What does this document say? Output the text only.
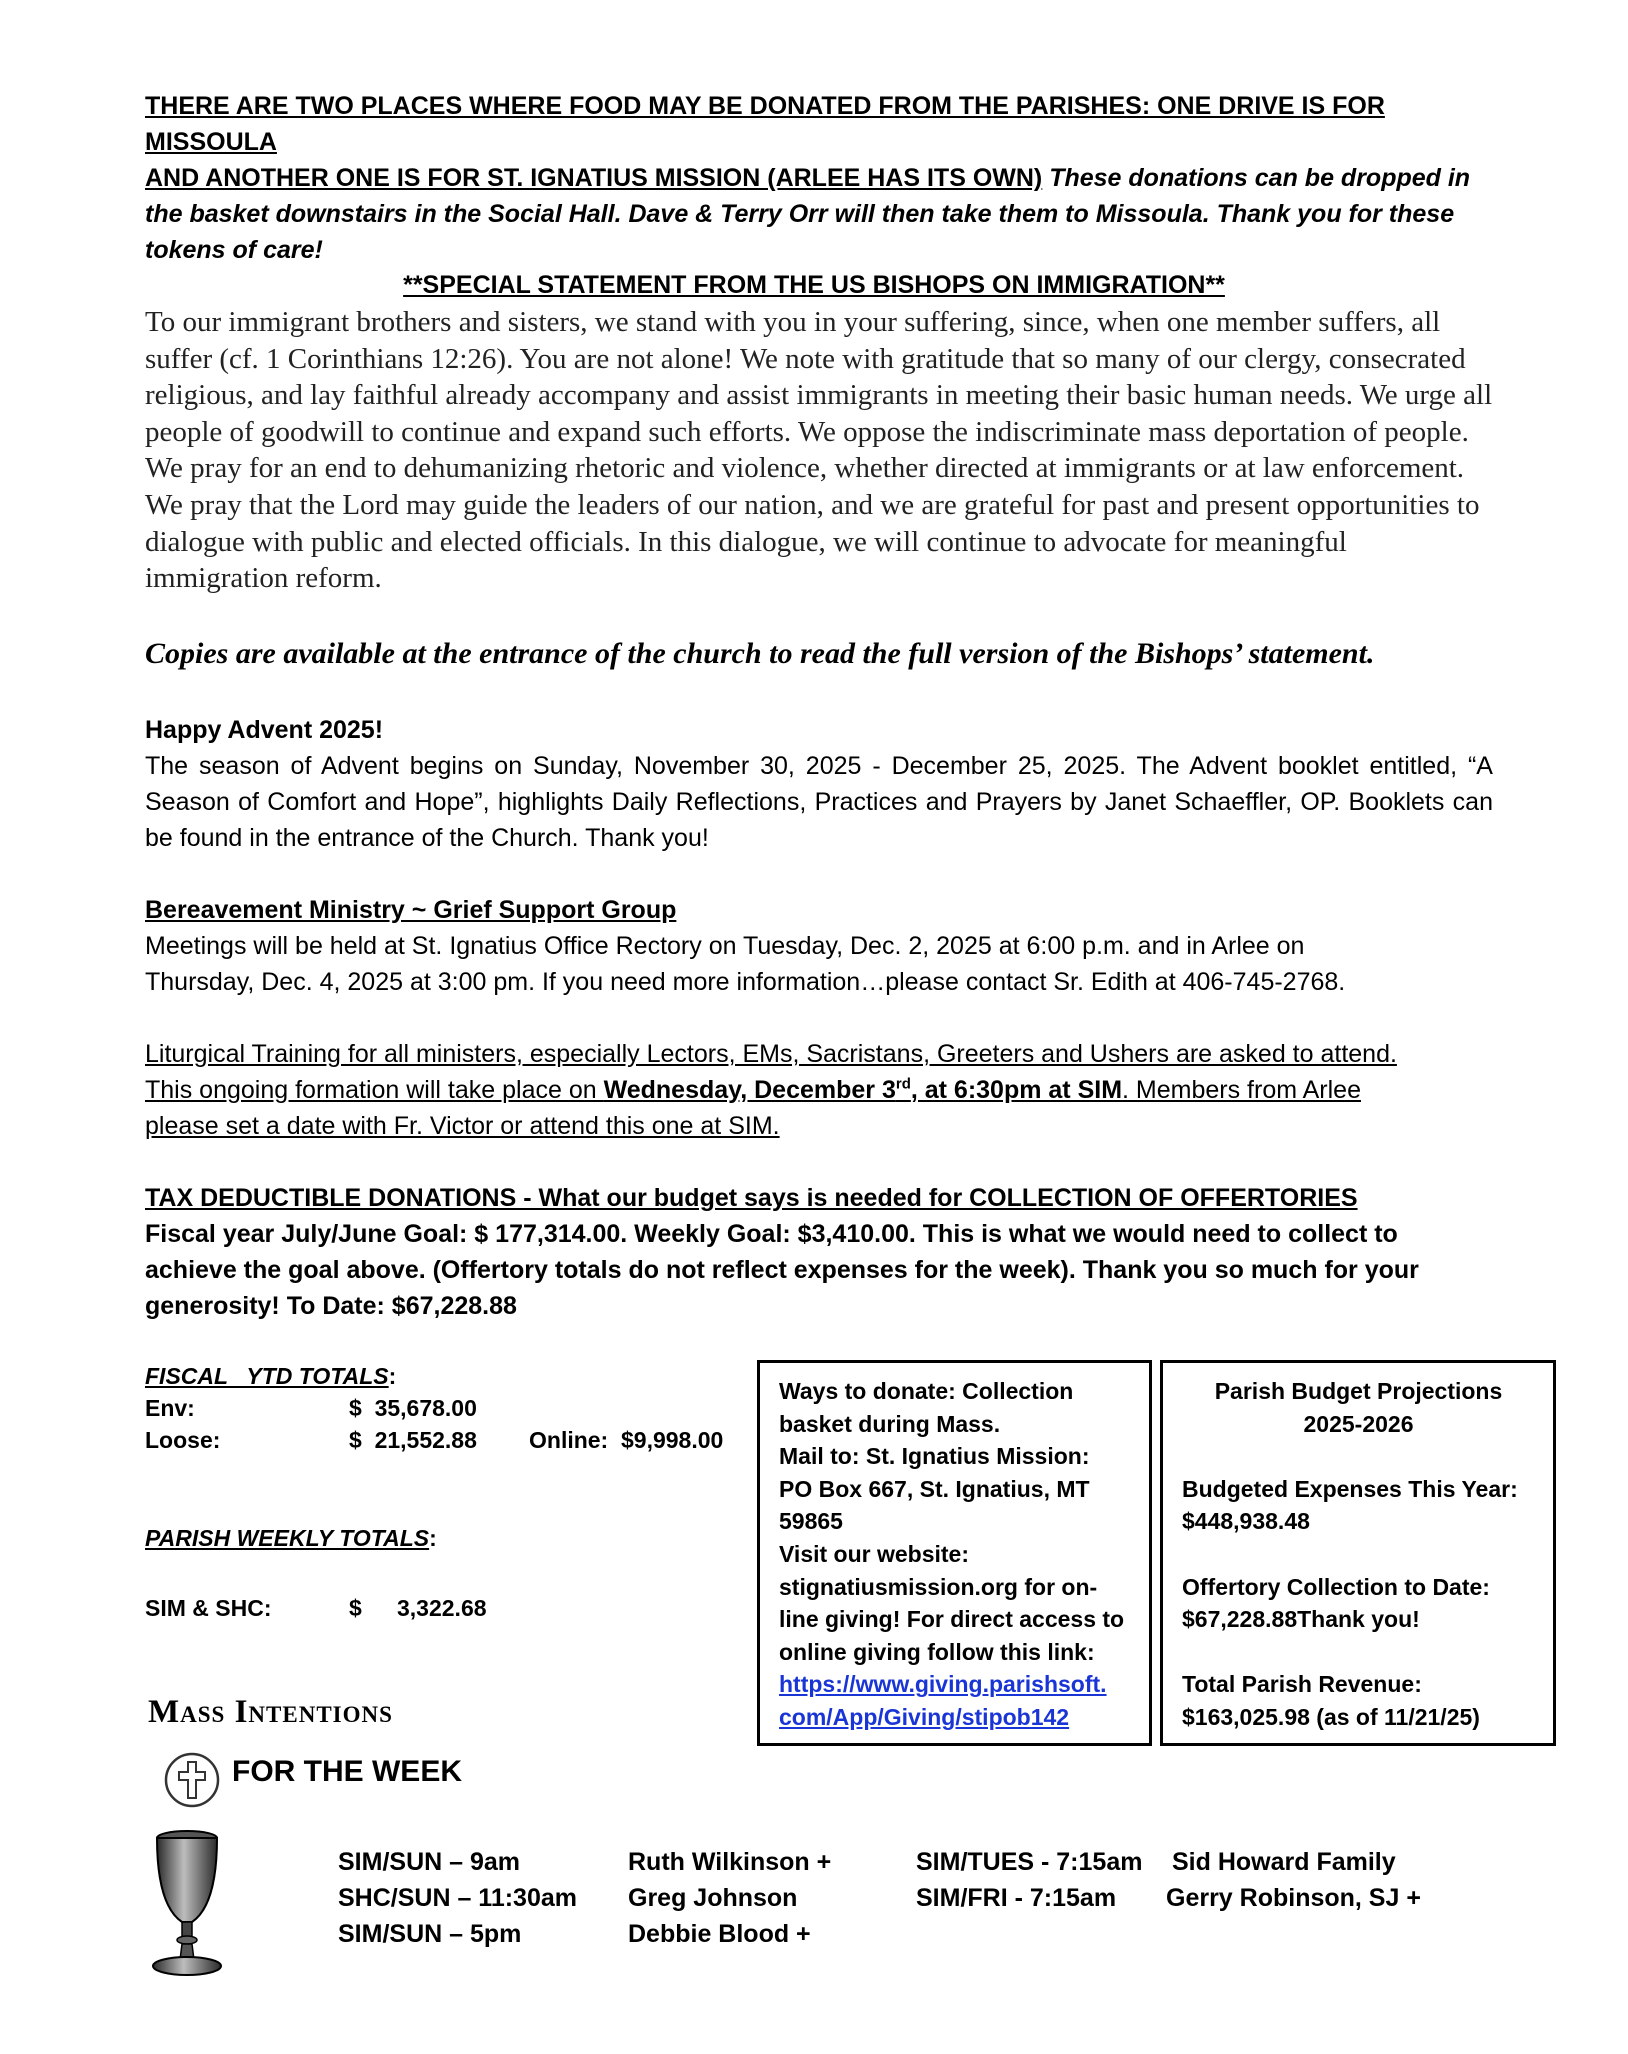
THERE ARE TWO PLACES WHERE FOOD MAY BE DONATED FROM THE PARISHES: ONE DRIVE IS FOR MISSOULA
AND ANOTHER ONE IS FOR ST. IGNATIUS MISSION (ARLEE HAS ITS OWN) These donations can be dropped in the basket downstairs in the Social Hall. Dave & Terry Orr will then take them to Missoula. Thank you for these tokens of care!
**SPECIAL STATEMENT FROM THE US BISHOPS ON IMMIGRATION**

To our immigrant brothers and sisters, we stand with you in your suffering, since, when one member suffers, all suffer (cf. 1 Corinthians 12:26). You are not alone! We note with gratitude that so many of our clergy, consecrated religious, and lay faithful already accompany and assist immigrants in meeting their basic human needs. We urge all people of goodwill to continue and expand such efforts. We oppose the indiscriminate mass deportation of people. We pray for an end to dehumanizing rhetoric and violence, whether directed at immigrants or at law enforcement. We pray that the Lord may guide the leaders of our nation, and we are grateful for past and present opportunities to dialogue with public and elected officials. In this dialogue, we will continue to advocate for meaningful immigration reform.

Copies are available at the entrance of the church to read the full version of the Bishops’ statement.

Happy Advent 2025!

The season of Advent begins on Sunday, November 30, 2025 - December 25, 2025. The Advent booklet entitled, “A Season of Comfort and Hope”, highlights Daily Reflections, Practices and Prayers by Janet Schaeffler, OP. Booklets can be found in the entrance of the Church. Thank you!

Bereavement Ministry ~ Grief Support Group
Meetings will be held at St. Ignatius Office Rectory on Tuesday, Dec. 2, 2025 at 6:00 p.m. and in Arlee on
Thursday, Dec. 4, 2025 at 3:00 pm. If you need more information…please contact Sr. Edith at 406-745-2768.
Liturgical Training for all ministers, especially Lectors, EMs, Sacristans, Greeters and Ushers are asked to attend.
This ongoing formation will take place on Wednesday, December 3rd, at 6:30pm at SIM. Members from Arlee
please set a date with Fr. Victor or attend this one at SIM.
TAX DEDUCTIBLE DONATIONS - What our budget says is needed for COLLECTION OF OFFERTORIES

Fiscal year July/June Goal: $ 177,314.00. Weekly Goal: $3,410.00. This is what we would need to collect to achieve the goal above. (Offertory totals do not reflect expenses for the week). Thank you so much for your generosity! To Date: $67,228.88

FISCAL   YTD TOTALS:
Env:	$  35,678.00
Loose:	$  21,552.88 Online:  $9,998.00
PARISH WEEKLY TOTALS:
SIM & SHC:	$ 3,322.68
Ways to donate: Collection
basket during Mass.
Mail to: St. Ignatius Mission:
PO Box 667, St. Ignatius, MT
59865
Visit our website:
stignatiusmission.org for on-
line giving! For direct access to
online giving follow this link:
https://www.giving.parishsoft.
com/App/Giving/stipob142
Parish Budget Projections
2025-2026
Budgeted Expenses This Year:
$448,938.48
Offertory Collection to Date:
$67,228.88Thank you!
Total Parish Revenue:
$163,025.98 (as of 11/21/25)
Mass Intentions
FOR THE WEEK
SIM/SUN – 9am	Ruth Wilkinson +
SHC/SUN – 11:30am Greg Johnson
SIM/SUN – 5pm	Debbie Blood +
SIM/TUES - 7:15am Sid Howard Family
SIM/FRI - 7:15am Gerry Robinson, SJ +
